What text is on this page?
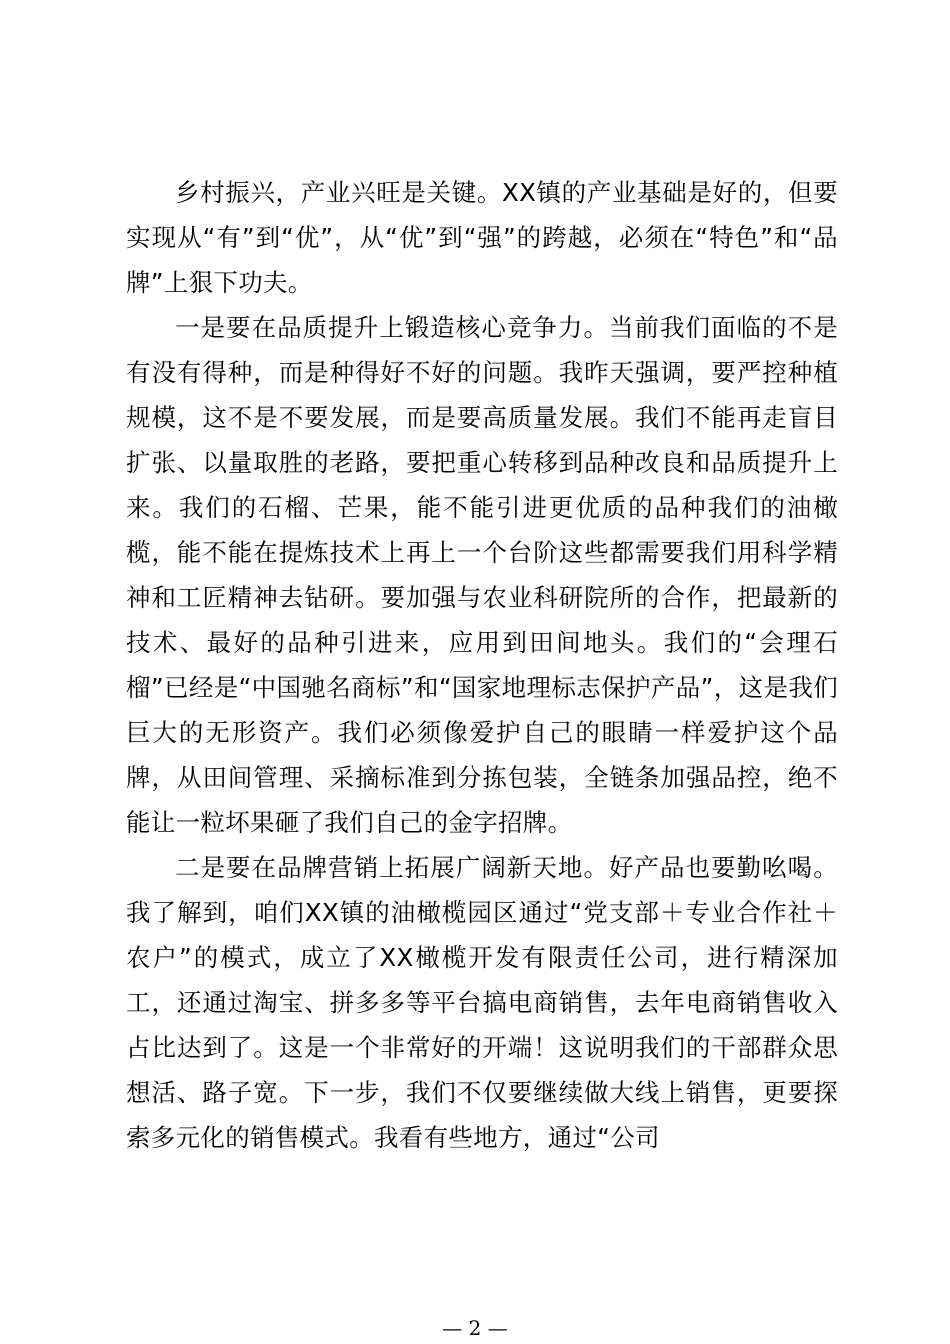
乡村振兴，产业兴旺是关键。XX镇的产业基础是好的，但要实现从“有”到“优”，从“优”到“强”的跨越，必须在“特色”和“品牌”上狠下功夫。

一是要在品质提升上锻造核心竞争力。当前我们面临的不是有没有得种，而是种得好不好的问题。我昨天强调，要严控种植规模，这不是不要发展，而是要高质量发展。我们不能再走盲目扩张、以量取胜的老路，要把重心转移到品种改良和品质提升上来。我们的石榴、芒果，能不能引进更优质的品种我们的油橄榄，能不能在提炼技术上再上一个台阶这些都需要我们用科学精神和工匠精神去钻研。要加强与农业科研院所的合作，把最新的技术、最好的品种引进来，应用到田间地头。我们的“会理石榴”已经是“中国驰名商标”和“国家地理标志保护产品”，这是我们巨大的无形资产。我们必须像爱护自己的眼睛一样爱护这个品牌，从田间管理、采摘标准到分拣包装，全链条加强品控，绝不能让一粒坏果砸了我们自己的金字招牌。

二是要在品牌营销上拓展广阔新天地。好产品也要勤吆喝。我了解到，咱们XX镇的油橄榄园区通过“党支部＋专业合作社＋农户”的模式，成立了XX橄榄开发有限责任公司，进行精深加工，还通过淘宝、拼多多等平台搞电商销售，去年电商销售收入占比达到了。这是一个非常好的开端！这说明我们的干部群众思想活、路子宽。下一步，我们不仅要继续做大线上销售，更要探索多元化的销售模式。我看有些地方，通过“公司

— 2 —
